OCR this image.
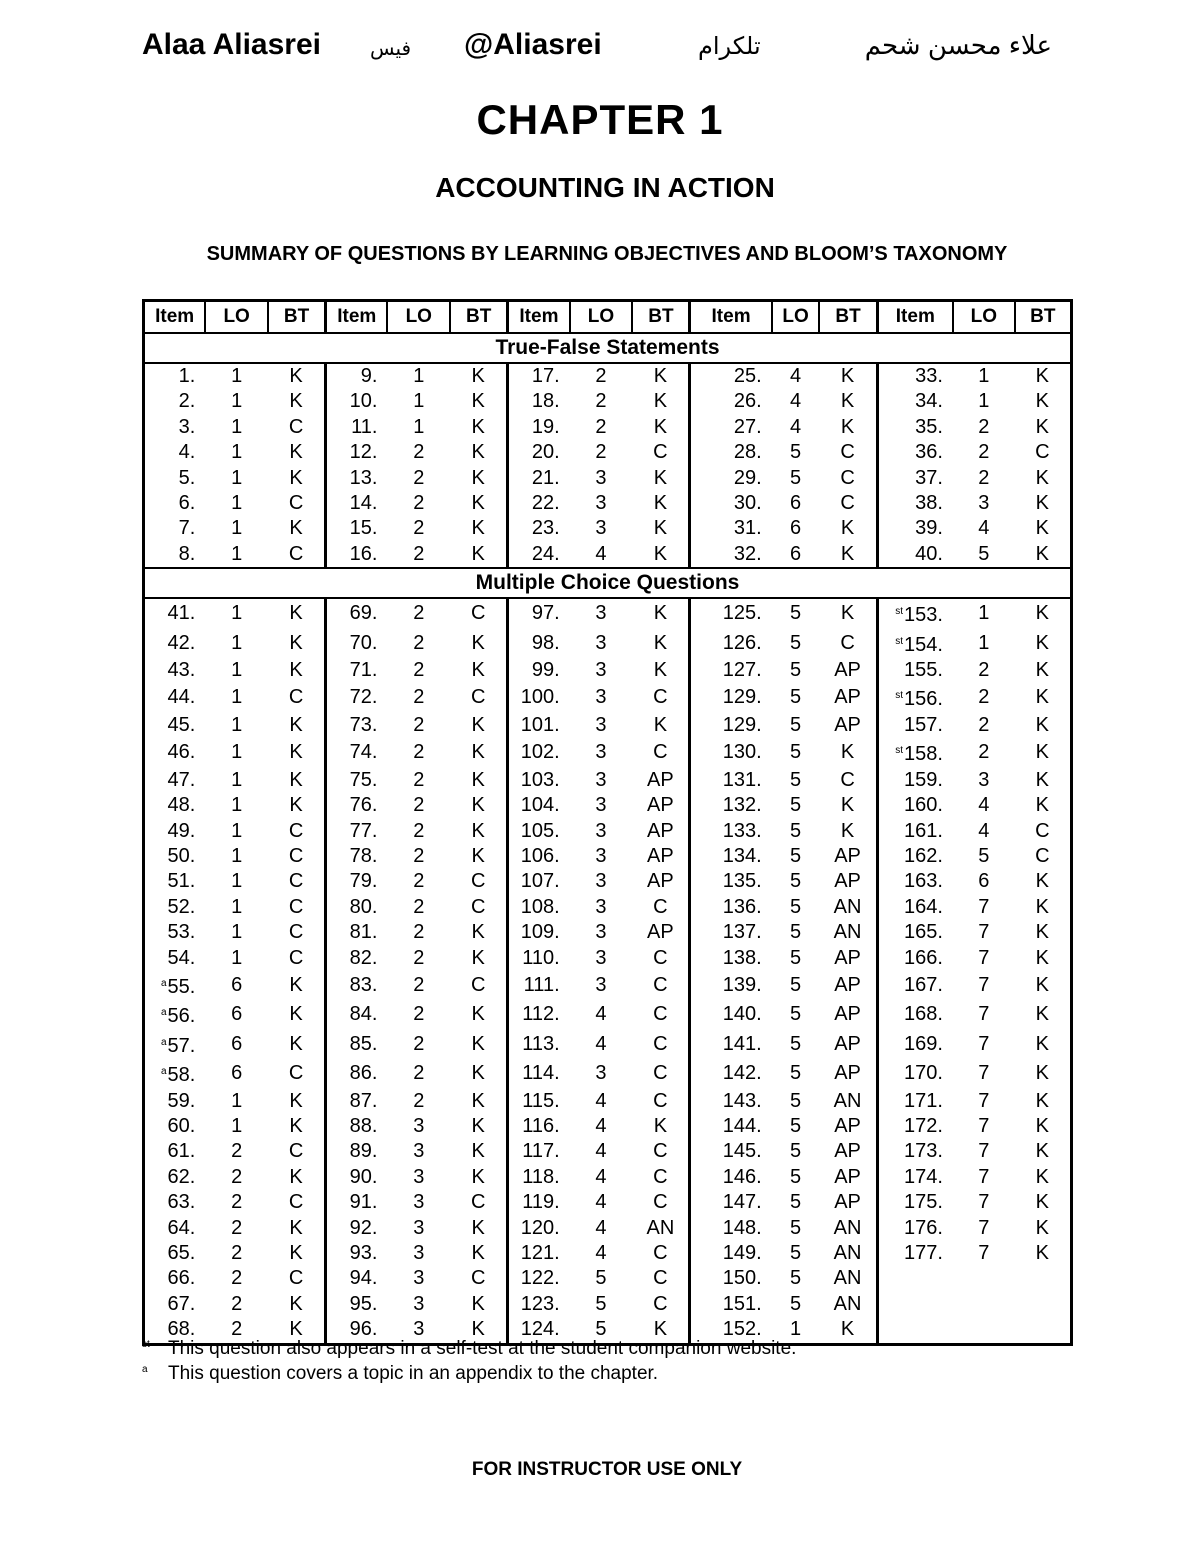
Alaa Aliasrei فيس @Aliasrei	تلكرام	علاء محسن شحم
CHAPTER 1
ACCOUNTING IN ACTION
SUMMARY OF QUESTIONS BY LEARNING OBJECTIVES AND BLOOM’S TAXONOMY
Item	LO	BT	Item	LO	BT	Item	LO	BT	Item	LO	BT	Item	LO	BT
True-False Statements														
1.	1	K	9.	1	K	17.	2	K	25.	4	K	33.	1	K
2.	1	K	10.	1	K	18.	2	K	26.	4	K	34.	1	K
3.	1	C	11.	1	K	19.	2	K	27.	4	K	35.	2	K
4.	1	K	12.	2	K	20.	2	C	28.	5	C	36.	2	C
5.	1	K	13.	2	K	21.	3	K	29.	5	C	37.	2	K
6.	1	C	14.	2	K	22.	3	K	30.	6	C	38.	3	K
7.	1	K	15.	2	K	23.	3	K	31.	6	K	39.	4	K
8.	1	C	16.	2	K	24.	4	K	32.	6	K	40.	5	K
Multiple Choice Questions														
41.	1	K	69.	2	C	97.	3	K	125.	5	K	$^{st}$153.	1	K
42.	1	K	70.	2	K	98.	3	K	126.	5	C	$^{st}$154.	1	K
43.	1	K	71.	2	K	99.	3	K	127.	5	AP	155.	2	K
44.	1	C	72.	2	C	100.	3	C	129.	5	AP	$^{st}$156.	2	K
45.	1	K	73.	2	K	101.	3	K	129.	5	AP	157.	2	K
46.	1	K	74.	2	K	102.	3	C	130.	5	K	$^{st}$158.	2	K
47.	1	K	75.	2	K	103.	3	AP	131.	5	C	159.	3	K
48.	1	K	76.	2	K	104.	3	AP	132.	5	K	160.	4	K
49.	1	C	77.	2	K	105.	3	AP	133.	5	K	161.	4	C
50.	1	C	78.	2	K	106.	3	AP	134.	5	AP	162.	5	C
51.	1	C	79.	2	C	107.	3	AP	135.	5	AP	163.	6	K
52.	1	C	80.	2	C	108.	3	C	136.	5	AN	164.	7	K
53.	1	C	81.	2	K	109.	3	AP	137.	5	AN	165.	7	K
54.	1	C	82.	2	K	110.	3	C	138.	5	AP	166.	7	K
$^a$55.	6	K	83.	2	C	111.	3	C	139.	5	AP	167.	7	K
$^a$56.	6	K	84.	2	K	112.	4	C	140.	5	AP	168.	7	K
$^a$57.	6	K	85.	2	K	113.	4	C	141.	5	AP	169.	7	K
$^a$58.	6	C	86.	2	K	114.	3	C	142.	5	AP	170.	7	K
59.	1	K	87.	2	K	115.	4	C	143.	5	AN	171.	7	K
60.	1	K	88.	3	K	116.	4	K	144.	5	AP	172.	7	K
61.	2	C	89.	3	K	117.	4	C	145.	5	AP	173.	7	K
62.	2	K	90.	3	K	118.	4	C	146.	5	AP	174.	7	K
63.	2	C	91.	3	C	119.	4	C	147.	5	AP	175.	7	K
64.	2	K	92.	3	K	120.	4	AN	148.	5	AN	176.	7	K
65.	2	K	93.	3	K	121.	4	C	149.	5	AN	177.	7	K
66.	2	C	94.	3	C	122.	5	C	150.	5	AN			
67.	2	K	95.	3	K	123.	5	C	151.	5	AN			
68.	2	K	96.	3	K	124.	5	K	152.	1	K			
st This question also appears in a self-test at the student companion website.
a This question covers a topic in an appendix to the chapter.
FOR INSTRUCTOR USE ONLY
